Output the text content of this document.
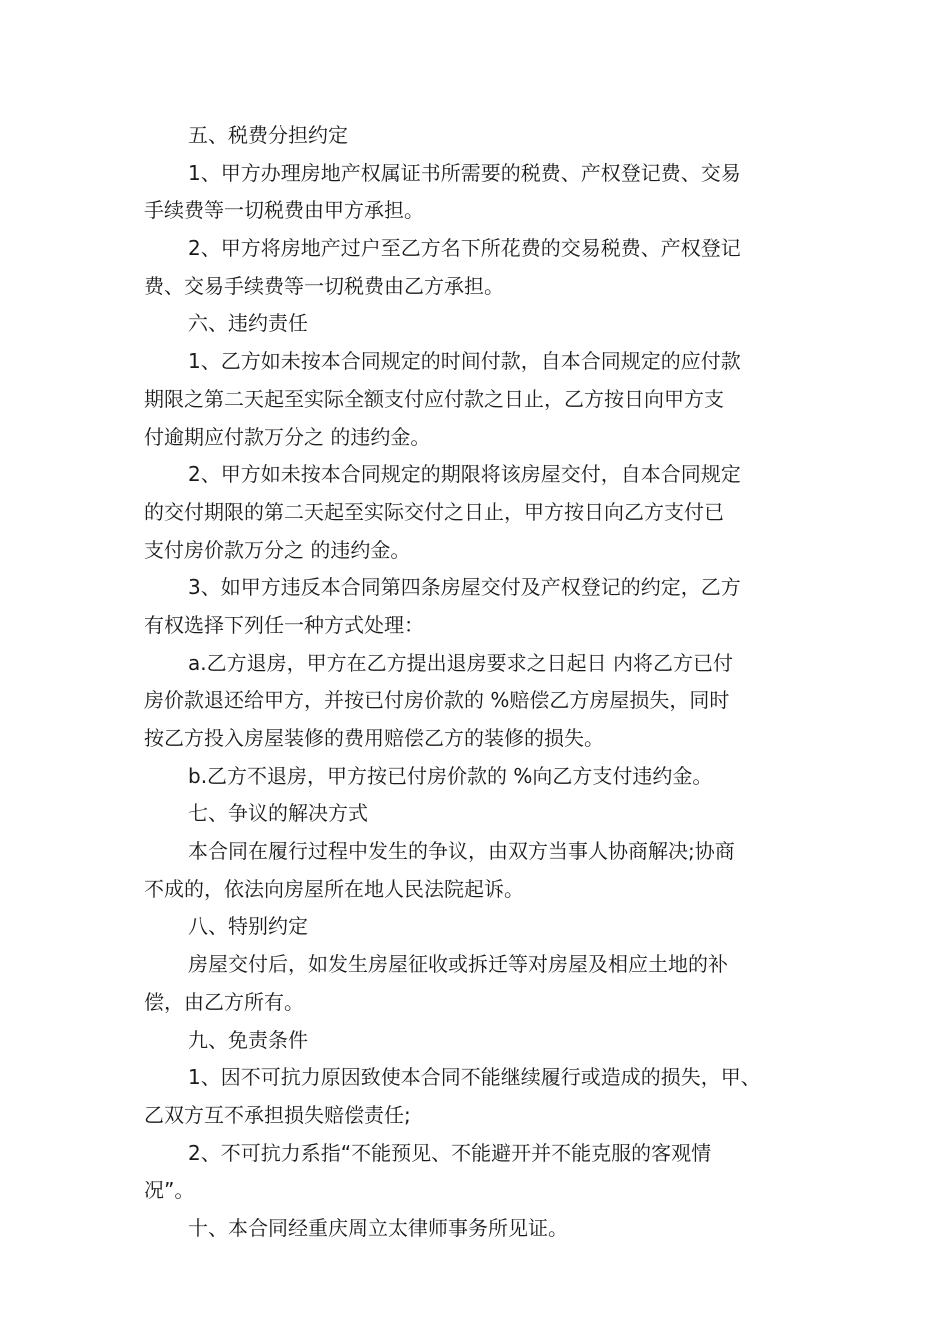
五、税费分担约定
1、甲方办理房地产权属证书所需要的税费、产权登记费、交易
手续费等一切税费由甲方承担。
2、甲方将房地产过户至乙方名下所花费的交易税费、产权登记
费、交易手续费等一切税费由乙方承担。
六、违约责任
1、乙方如未按本合同规定的时间付款，自本合同规定的应付款
期限之第二天起至实际全额支付应付款之日止，乙方按日向甲方支
付逾期应付款万分之 的违约金。
2、甲方如未按本合同规定的期限将该房屋交付，自本合同规定
的交付期限的第二天起至实际交付之日止，甲方按日向乙方支付已
支付房价款万分之 的违约金。
3、如甲方违反本合同第四条房屋交付及产权登记的约定，乙方
有权选择下列任一种方式处理：
a.乙方退房，甲方在乙方提出退房要求之日起日 内将乙方已付
房价款退还给甲方，并按已付房价款的 %赔偿乙方房屋损失，同时
按乙方投入房屋装修的费用赔偿乙方的装修的损失。
b.乙方不退房，甲方按已付房价款的 %向乙方支付违约金。
七、争议的解决方式
本合同在履行过程中发生的争议，由双方当事人协商解决;协商
不成的，依法向房屋所在地人民法院起诉。
八、特别约定
房屋交付后，如发生房屋征收或拆迁等对房屋及相应土地的补
偿，由乙方所有。
九、免责条件
1、因不可抗力原因致使本合同不能继续履行或造成的损失，甲、
乙双方互不承担损失赔偿责任;
2、不可抗力系指“不能预见、不能避开并不能克服的客观情
况”。
十、本合同经重庆周立太律师事务所见证。
